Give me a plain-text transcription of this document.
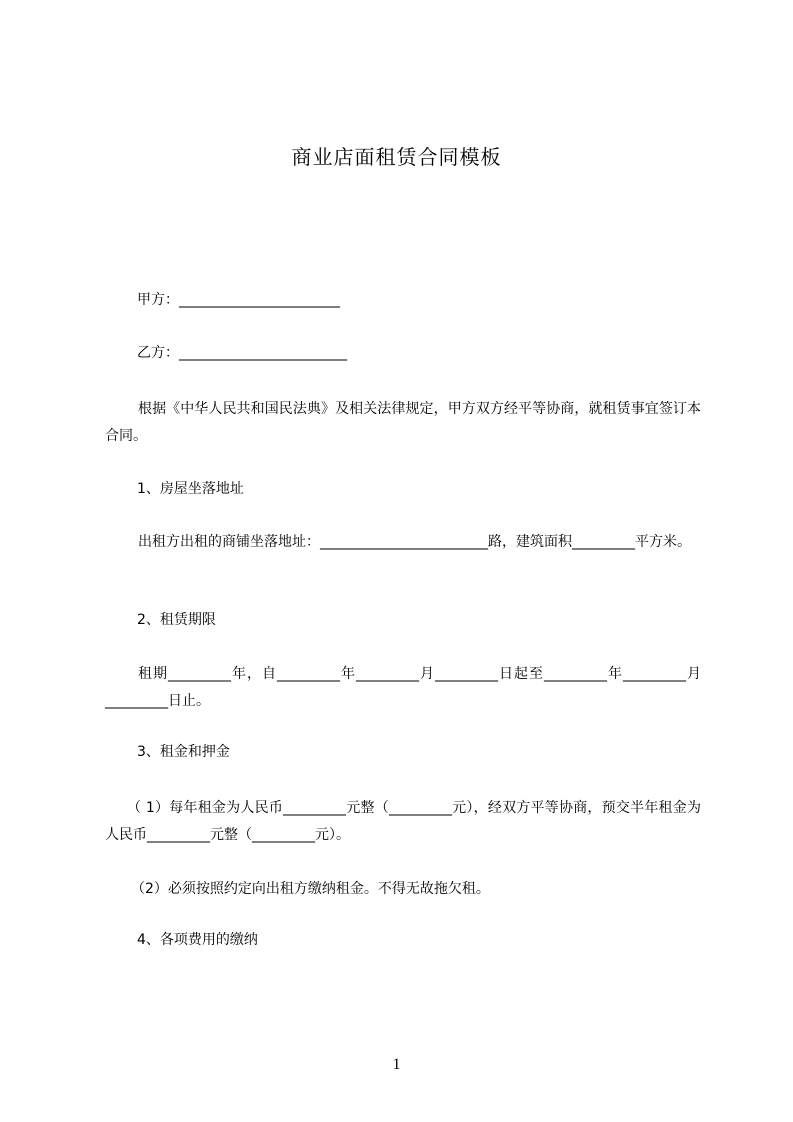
商业店面租赁合同模板
甲方：_______________________
乙方：________________________
根据《中华人民共和国民法典》及相关法律规定，甲方双方经平等协商，就租赁事宜签订本合同。
1、房屋坐落地址
出租方出租的商铺坐落地址：________________________路，建筑面积_________平方米。
2、租赁期限
租期_________年，自_________年_________月_________日起至_________年_________月_________日止。
3、租金和押金
（ 1）每年租金为人民币_________元整（_________元），经双方平等协商，预交半年租金为人民币_________元整（_________元）。
（2）必须按照约定向出租方缴纳租金。不得无故拖欠租。
4、各项费用的缴纳
1
